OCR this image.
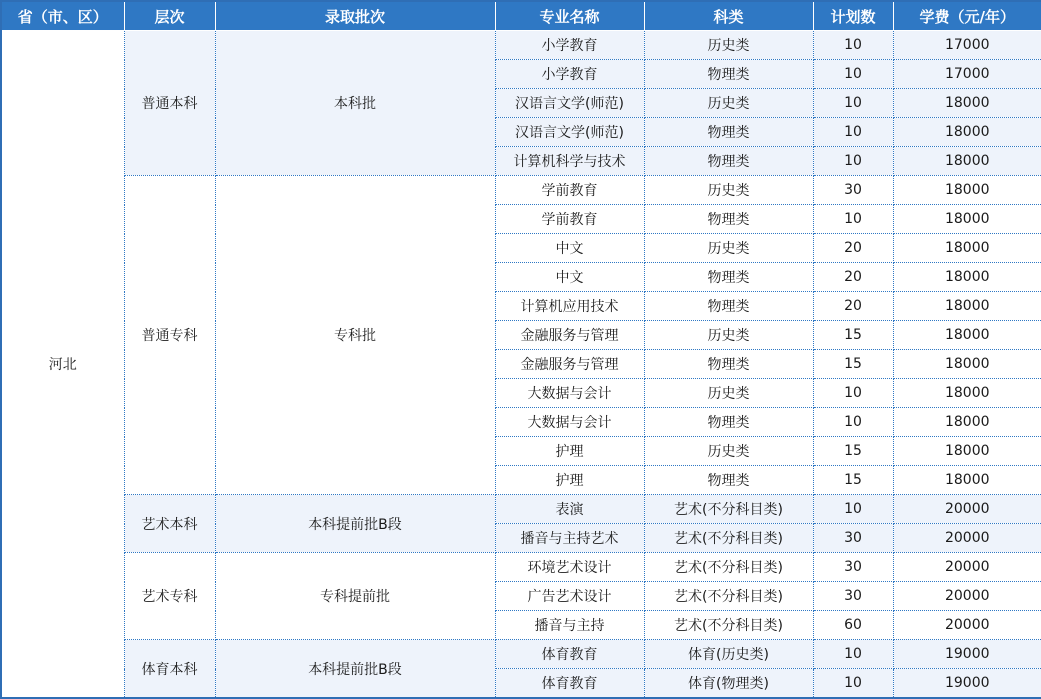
省（市、区）	层次	录取批次	专业名称	科类	计划数	学费（元/年）
河北	普通本科	本科批	小学教育	历史类	10	17000
			小学教育	物理类	10	17000
			汉语言文学(师范)	历史类	10	18000
			汉语言文学(师范)	物理类	10	18000
			计算机科学与技术	物理类	10	18000
	普通专科	专科批	学前教育	历史类	30	18000
			学前教育	物理类	10	18000
			中文	历史类	20	18000
			中文	物理类	20	18000
			计算机应用技术	物理类	20	18000
			金融服务与管理	历史类	15	18000
			金融服务与管理	物理类	15	18000
			大数据与会计	历史类	10	18000
			大数据与会计	物理类	10	18000
			护理	历史类	15	18000
			护理	物理类	15	18000
	艺术本科	本科提前批B段	表演	艺术(不分科目类)	10	20000
			播音与主持艺术	艺术(不分科目类)	30	20000
	艺术专科	专科提前批	环境艺术设计	艺术(不分科目类)	30	20000
			广告艺术设计	艺术(不分科目类)	30	20000
			播音与主持	艺术(不分科目类)	60	20000
	体育本科	本科提前批B段	体育教育	体育(历史类)	10	19000
			体育教育	体育(物理类)	10	19000
